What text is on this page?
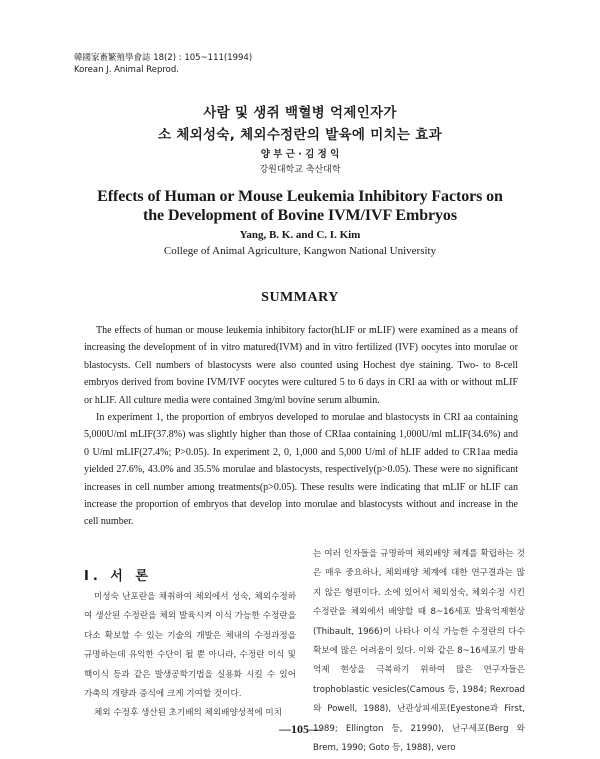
韓國家畜繁殖學會誌 18(2) : 105~111(1994)
Korean J. Animal Reprod.
사람 및 생쥐 백혈병 억제인자가
소 체외성숙, 체외수정란의 발육에 미치는 효과
양 부 근 · 김 정 익
강원대학교 축산대학
Effects of Human or Mouse Leukemia Inhibitory Factors on
the Development of Bovine IVM/IVF Embryos
Yang, B. K. and C. I. Kim
College of Animal Agriculture, Kangwon National University
SUMMARY

The effects of human or mouse leukemia inhibitory factor(hLIF or mLIF) were examined as a means of increasing the development of in vitro matured(IVM) and in vitro fertilized (IVF) oocytes into morulae or blastocysts. Cell numbers of blastocysts were also counted using Hochest dye staining. Two- to 8-cell embryos derived from bovine IVM/IVF oocytes were cultured 5 to 6 days in CRI aa with or without mLIF or hLIF. All culture media were contained 3mg/ml bovine serum albumin.

In experiment 1, the proportion of embryos developed to morulae and blastocysts in CRI aa containing 5,000U/ml mLIF(37.8%) was slightly higher than those of CRIaa containing 1,000U/ml mLIF(34.6%) and 0 U/ml mLIF(27.4%; P>0.05). In experiment 2, 0, 1,000 and 5,000 U/ml of hLIF added to CR1aa media yielded 27.6%, 43.0% and 35.5% morulae and blastocysts, respectively(p>0.05). These were no significant increases in cell number among treatments(p>0.05). These results were indicating that mLIF or hLIF can increase the proportion of embryos that develop into morulae and blastocysts without and increase in the cell number.

Ⅰ. 서 론

미성숙 난포란을 채취하여 체외에서 성숙, 체외수정하여 생산된 수정란을 체외 발육시켜 이식 가능한 수정란을 다소 확보할 수 있는 기술의 개발은 체내의 수정과정을 규명하는데 유익한 수단이 될 뿐 아니라, 수정란 이식 및 핵이식 등과 같은 발생공학기법을 실용화 시킬 수 있어 가축의 개량과 증식에 크게 기여할 것이다.

체외 수정후 생산된 초기배의 체외배양성적에 미치

는 여러 인자들을 규명하여 체외배양 체계를 확립하는 것은 매우 중요하나, 체외배양 체계에 대한 연구결과는 많지 않은 형편이다. 소에 있어서 체외성숙, 체외수정 시킨 수정란을 체외에서 배양할 때 8~16세포 발육억제현상(Thibault, 1966)이 나타나 이식 가능한 수정란의 다수 확보에 많은 어려움이 있다. 이와 같은 8~16세포기 발육억제 현상을 극복하기 위하여 많은 연구자들은 trophoblastic vesicles(Camous 등, 1984; Rexroad와 Powell, 1988), 난관상피세포(Eyestone과 First, 1989; Ellington 등, 21990), 난구세포(Berg 와 Brem, 1990; Goto 등, 1988), vero

—105—
